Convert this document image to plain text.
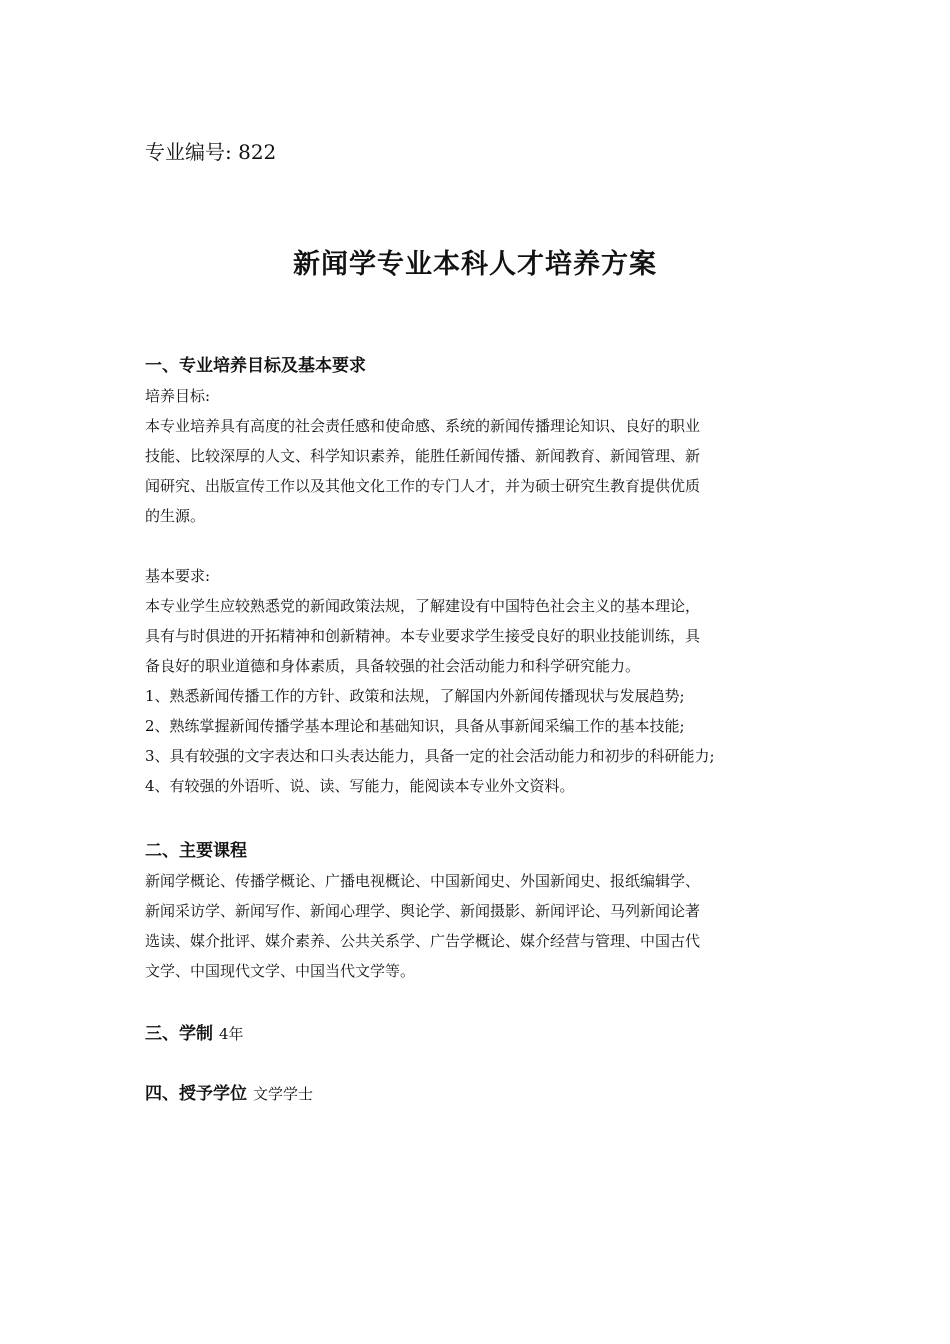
专业编号: 822
新闻学专业本科人才培养方案
一、专业培养目标及基本要求
培养目标:
本专业培养具有高度的社会责任感和使命感、系统的新闻传播理论知识、良好的职业
技能、比较深厚的人文、科学知识素养，能胜任新闻传播、新闻教育、新闻管理、新
闻研究、出版宣传工作以及其他文化工作的专门人才，并为硕士研究生教育提供优质
的生源。
基本要求:
本专业学生应较熟悉党的新闻政策法规，了解建设有中国特色社会主义的基本理论，
具有与时俱进的开拓精神和创新精神。本专业要求学生接受良好的职业技能训练，具
备良好的职业道德和身体素质，具备较强的社会活动能力和科学研究能力。
1、熟悉新闻传播工作的方针、政策和法规，了解国内外新闻传播现状与发展趋势;
2、熟练掌握新闻传播学基本理论和基础知识，具备从事新闻采编工作的基本技能;
3、具有较强的文字表达和口头表达能力，具备一定的社会活动能力和初步的科研能力;
4、有较强的外语听、说、读、写能力，能阅读本专业外文资料。
二、主要课程
新闻学概论、传播学概论、广播电视概论、中国新闻史、外国新闻史、报纸编辑学、
新闻采访学、新闻写作、新闻心理学、舆论学、新闻摄影、新闻评论、马列新闻论著
选读、媒介批评、媒介素养、公共关系学、广告学概论、媒介经营与管理、中国古代
文学、中国现代文学、中国当代文学等。
三、学制 4年
四、授予学位 文学学士
